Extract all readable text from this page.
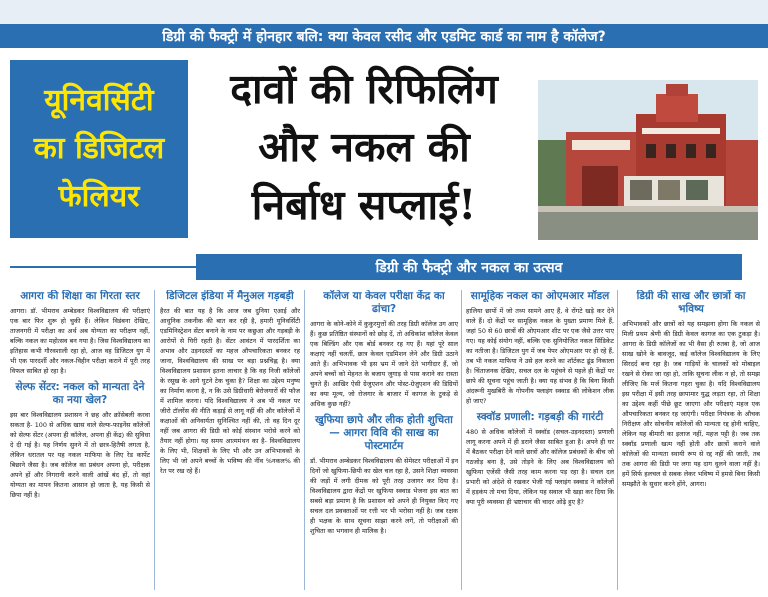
डिग्री की फैक्ट्री में होनहार बलि: क्या केवल रसीद और एडमिट कार्ड का नाम है कॉलेज?
यूनिवर्सिटी
का डिजिटल
फेलियर
दावों की रिफिलिंग
और नकल की
निर्बाध सप्लाई!
डिग्री की फैक्ट्री और नकल का उत्सव
आगरा की शिक्षा का गिरता स्तर
आगरा। डॉ. भीमराव अम्बेडकर विश्वविद्यालय की परीक्षाएं एक बार फिर शुरू हो चुकी हैं। लेकिन विडंबना देखिए, ताजनगरी में परीक्षा का अर्थ अब योग्यता का परीक्षण नहीं, बल्कि नकल का महोत्सव बन गया है। जिस विश्वविद्यालय का इतिहास कभी गौरवशाली रहा हो, आज वह डिजिटल युग में भी एक पारदर्शी और नकल-विहीन परीक्षा कराने में पूरी तरह विफल साबित हो रहा है।
सेल्फ सेंटर: नकल को मान्यता देने का नया खेल?
इस बार विश्वविद्यालय प्रशासन ने छह और क्रॉसेबली करवा सकता है- 100 से अधिक खास वाले सेल्फ-फाइनेंस कॉलेजों को सेल्फ सेंटर (अपना ही कॉलेज, अपना ही केंद्र) की सुविधा दे दी गई है। यह निर्णय सुनने में तो छात्र-हितैषी लगता है, लेकिन धरातल पर यह नकल माफिया के लिए रेड कार्पेट बिछाने जैसा है। जब कॉलेज का प्रबंधन अपना हो, परीक्षक अपने हों और निगरानी करने वाली आंखें बंद हों, तो वहां योग्यता का मापन कितना आसान हो जाता है, यह किसी से छिपा नहीं है।
डिजिटल इंडिया में मैनुअल गड़बड़ी
हैरत की बात यह है कि आज जब दुनिया एआई और आधुनिक तकनीक की बात कर रही है, हमारी यूनिवर्सिटी एडमिनिस्ट्रेशन सेंटर बनाने के नाम पर कछुआ और गड़बड़ी के आरोपों से घिरी रहती है। सेंटर आवंटन में पारदर्शिता का अभाव और उड़नदस्तों का महज औपचारिकता बनकर रह जाना, विश्वविद्यालय की साख पर बड़ा प्रश्नचिह्न है। क्या विश्वविद्यालय प्रशासन इतना लाचार है कि वह निजी कॉलेजों के रसूख के आगे घुटने टेक चुका है? शिक्षा का उद्देश्य मनुष्य का निर्माण करना है, न कि उसे डिग्रीधारी बेरोजगारों की फौज में शामिल करना। यदि विश्वविद्यालय ने अब भी नकल पर जीरो टॉलरेंस की नीति कड़ाई से लागू नहीं की और कॉलेजों में कक्षाओं की अनिवार्यता सुनिश्चित नहीं की, तो वह दिन दूर नहीं जब आगरा की डिग्री को कोई संस्थान भरोसे करने को तैयार नहीं होगा। यह समय आत्ममंथन का है- विश्वविद्यालय के लिए भी, शिक्षकों के लिए भी और उन अभिभावकों के लिए भी जो अपने बच्चों के भविष्य की नींव %नकल% की रेत पर रख रहे हैं।
कॉलेज या केवल परीक्षा केंद्र का ढांचा?
आगरा के कोने-कोने में कुकुरमुत्तों की तरह डिग्री कॉलेज उग आए हैं। कुछ प्रतिष्ठित संस्थानों को छोड़ दें, तो अधिकांश कॉलेज केवल एक बिल्डिंग और एक बोर्ड बनकर रह गए हैं। यहां पूरे साल कक्षाएं नहीं चलतीं, छात्र केवल एडमिशन लेने और डिग्री उठाने आते हैं। अभिभावक भी इस भ्रम में जाने देते भागीदार हैं, जो अपने बच्चों को मेहनत के बजाय जुगाड़ से पास कराने का रास्ता चुनते हैं। आखिर ऐसी ग्रेजुएशन और पोस्ट-ग्रेजुएशन की डिग्रियों का क्या मूल्य, जो रोजगार के बाजार में कागज के टुकड़े से अधिक कुछ नहीं?
खुफिया छापे और लीक होती शुचिता— आगरा विवि की साख का पोस्टमार्टम
डॉ. भीमराव अम्बेडकर विश्वविद्यालय की सेमेस्टर परीक्षाओं में इन दिनों जो खुफिया-छिपी का खेल चल रहा है, उसने शिक्षा व्यवस्था की जड़ों में लगी दीमक को पूरी तरह उजागर कर दिया है। विश्वविद्यालय द्वारा केंद्रों पर खुफिया स्क्वाड भेजना इस बात का सबसे बड़ा प्रमाण है कि प्रशासन को अपने ही नियुक्त किए गए सचल दल प्रवक्ताओं पर रत्ती भर भी भरोसा नहीं है। जब रक्षक ही भक्षक के साथ सूचना साझा करने लगें, तो परीक्षाओं की शुचिता का भगवान ही मालिक है।
सामूहिक नकल का ओएमआर मॉडल
हालिया छापों में जो तथ्य सामने आए हैं, वे रोंगटे खड़े कर देने वाले हैं। दो केंद्रों पर सामूहिक नकल के पुख्ता प्रमाण मिले हैं, जहां 50 से 60 छात्रों की ओएमआर शीट पर एक जैसे उत्तर पाए गए। यह कोई संयोग नहीं, बल्कि एक सुनियोजित नकल सिंडिकेट का नतीजा है। डिजिटल युग में जब पेपर ओएमआर पर हो रहे हैं, तब भी नकल माफिया ने उसे हल करने का शॉर्टकट ढूंढ निकाला है। चिंताजनक देखिए, सचल दल के पहुंचने से पहले ही केंद्रों पर छापे की सूचना पहुंच जाती है। क्या यह संभव है कि बिना किसी अंदरूनी मुखबिरी के गोपनीय फ्लाइंग स्क्वाड की लोकेशन लीक हो जाए?
स्क्वॉड प्रणाली: गड़बड़ी की गारंटी
480 से अधिक कॉलेजों में स्क्वॉड (सचल-उड़नदस्ता) प्रणाली लागू करना अपने में ही डराने जैसा साबित हुआ है। अपने ही घर में बैठकर परीक्षा देने वाले छात्रों और कॉलेज प्रबंधकों के बीच जो गठजोड़ बना है, उसे तोड़ने के लिए अब विश्वविद्यालय को खुफिया एजेंसी जैसी तरह काम करना पड़ रहा है। सचल दल प्रभारी को अंदेशे से रखकर भेजी गई फ्लाइंग स्क्वाड ने कॉलेजों में हड़कंप तो मचा दिया, लेकिन यह सवाल भी खड़ा कर दिया कि क्या पूरी व्यवस्था ही भ्रष्टाचार की चादर ओढ़े हुए है?
डिग्री की साख और छात्रों का भविष्य
अभिभावकों और छात्रों को यह समझना होगा कि नकल से मिली प्रथम श्रेणी की डिग्री केवल कागज का एक टुकड़ा है। आगरा के डिग्री कॉलेजों का भी वैसा ही रुतबा है, जो आज साख खोने के बावजूद, कई कॉलेज विश्वविद्यालय के लिए सिरदर्द बना रहा है। जब गाड़ियों के चालकों को मोबाइल रखने से रोका जा रहा हो, ताकि सूचना लीक न हो, तो समझ लीजिए कि मर्ज कितना गहरा चुका है। यदि विश्वविद्यालय इस परीक्षा में इसी तरह छापामार युद्ध लड़ता रहा, तो शिक्षा का उद्देश्य कहीं पीछे छूट जाएगा और परीक्षाएं महज एक औपचारिकता बनकर रह जाएंगी। परीक्षा नियंत्रक के औचक निरीक्षण और सोचनीय कॉलेजों की मान्यता रद्द होनी चाहिए, लेकिन यह बीमारी का इलाज नहीं, महज पट्टी है। जब तक स्क्वॉड प्रणाली खत्म नहीं होती और छात्रों कराने वाले कॉलेजों की मान्यता स्थायी रूप से रद्द नहीं की जाती, तब तक आगरा की डिग्री पर लगा यह दाग धुलने वाला नहीं है। हमें सिर्फ हलचल से सबक लेकर भविष्य में हमसे बिना किसी समझौते के सुधार करने होंगे, आगरा।
